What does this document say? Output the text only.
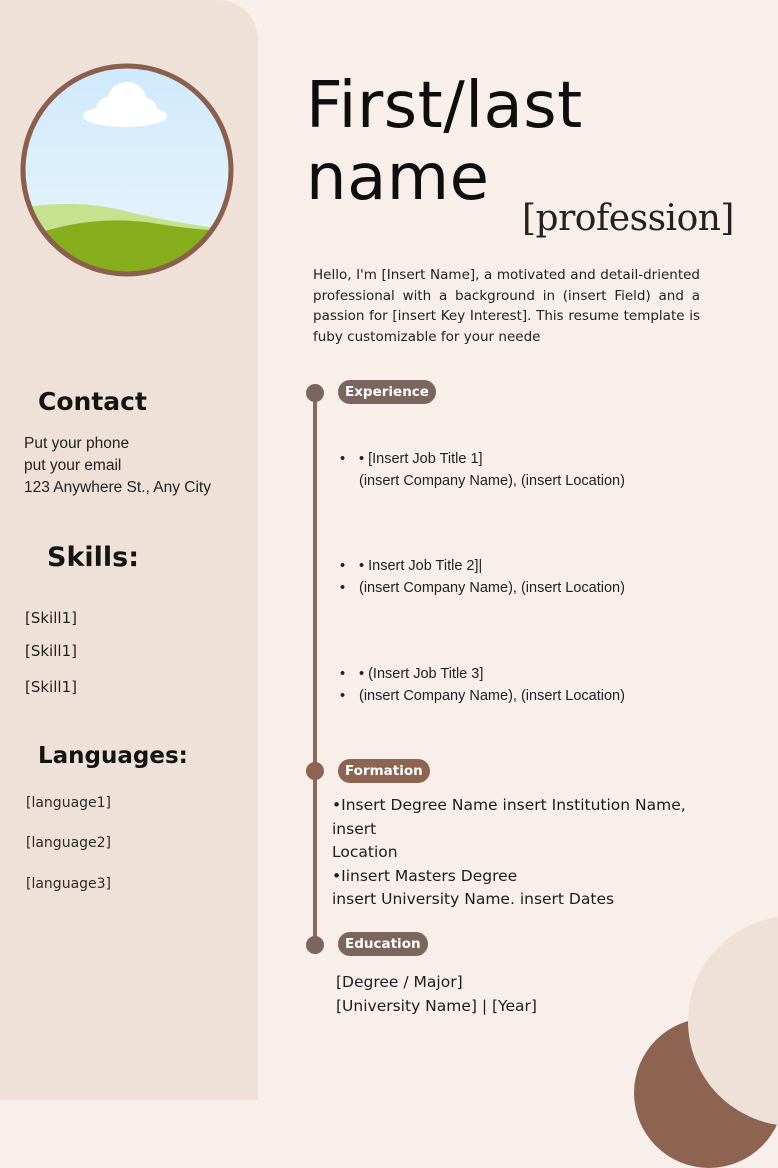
Contact
Put your phone
put your email
123 Anywhere St., Any City
Skills:
[Skill1]
[Skill1]
[Skill1]
Languages:
[language1]
[language2]
[language3]
First/last
name
[profession]

Hello, I'm [Insert Name], a motivated and detail-driented professional with a background in (insert Field) and a passion for [insert Key Interest]. This resume template is fuby customizable for your neede

Experience
• • [Insert Job Title 1]
(insert Company Name), (insert Location)
• • Insert Job Title 2]|
• (insert Company Name), (insert Location)
• • (Insert Job Title 3]
• (insert Company Name), (insert Location)
Formation
•Insert Degree Name insert Institution Name,
insert
Location
•Iinsert Masters Degree
insert University Name. insert Dates
Education
[Degree / Major]
[University Name] | [Year]
